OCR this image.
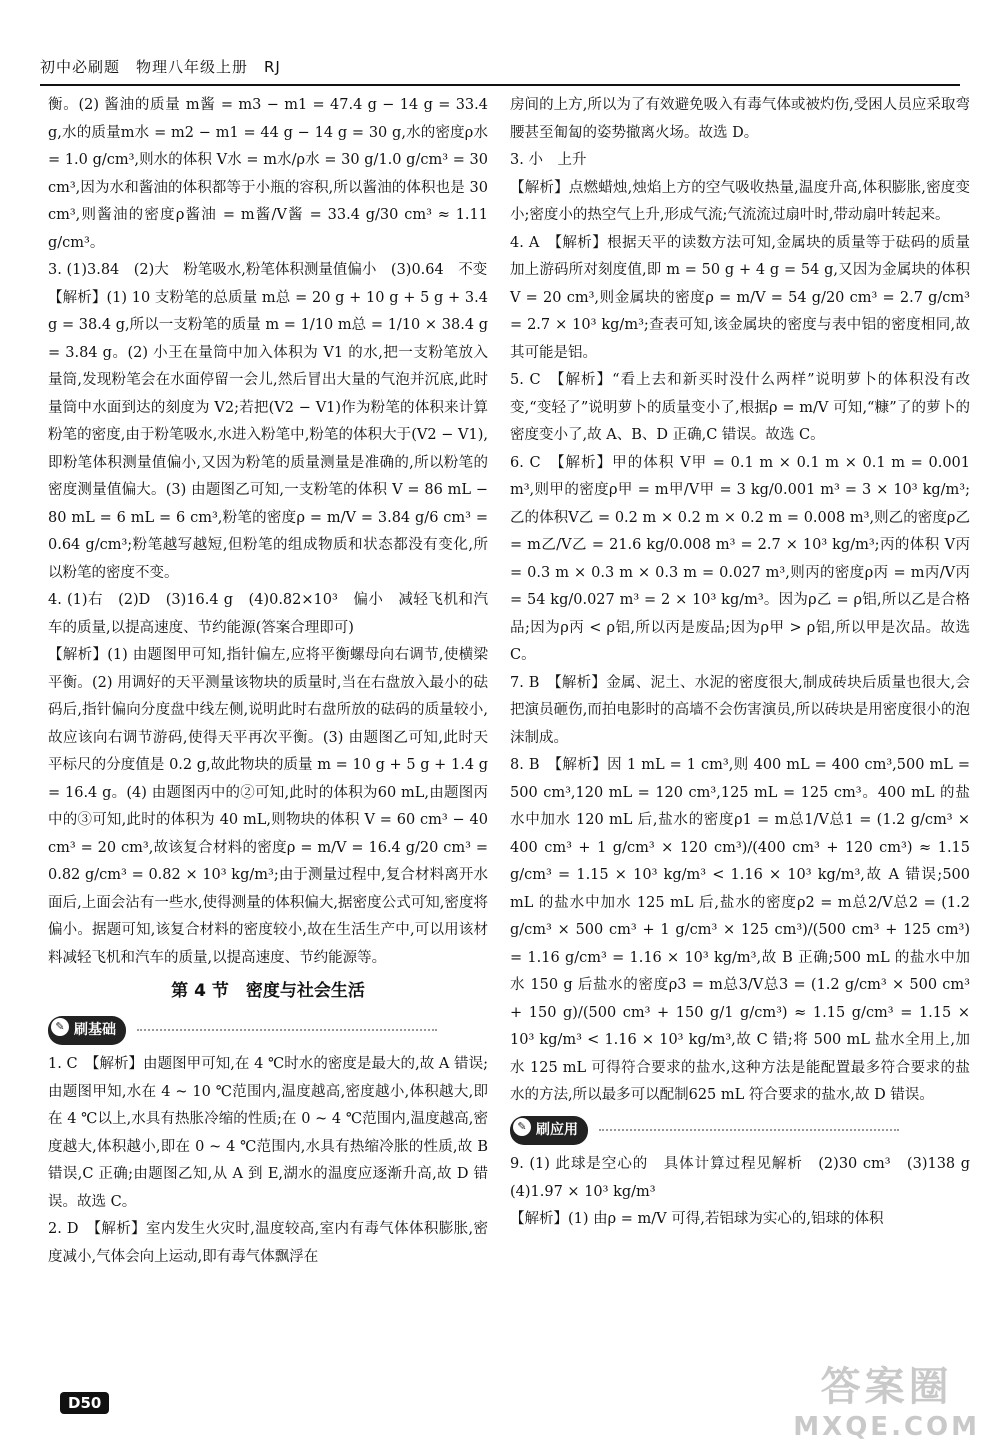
初中必刷题　物理八年级上册　RJ

衡。(2) 酱油的质量 m酱 = m3 − m1 = 47.4 g − 14 g = 33.4 g,水的质量m水 = m2 − m1 = 44 g − 14 g = 30 g,水的密度ρ水 = 1.0 g/cm³,则水的体积 V水 = m水/ρ水 = 30 g/1.0 g/cm³ = 30 cm³,因为水和酱油的体积都等于小瓶的容积,所以酱油的体积也是 30 cm³,则酱油的密度ρ酱油 = m酱/V酱 = 33.4 g/30 cm³ ≈ 1.11 g/cm³。

3. (1)3.84　(2)大　粉笔吸水,粉笔体积测量值偏小　(3)0.64　不变

【解析】(1) 10 支粉笔的总质量 m总 = 20 g + 10 g + 5 g + 3.4 g = 38.4 g,所以一支粉笔的质量 m = 1/10 m总 = 1/10 × 38.4 g = 3.84 g。(2) 小王在量筒中加入体积为 V1 的水,把一支粉笔放入量筒,发现粉笔会在水面停留一会儿,然后冒出大量的气泡并沉底,此时量筒中水面到达的刻度为 V2;若把(V2 − V1)作为粉笔的体积来计算粉笔的密度,由于粉笔吸水,水进入粉笔中,粉笔的体积大于(V2 − V1),即粉笔体积测量值偏小,又因为粉笔的质量测量是准确的,所以粉笔的密度测量值偏大。(3) 由题图乙可知,一支粉笔的体积 V = 86 mL − 80 mL = 6 mL = 6 cm³,粉笔的密度ρ = m/V = 3.84 g/6 cm³ = 0.64 g/cm³;粉笔越写越短,但粉笔的组成物质和状态都没有变化,所以粉笔的密度不变。

4. (1)右　(2)D　(3)16.4 g　(4)0.82×10³　偏小　减轻飞机和汽车的质量,以提高速度、节约能源(答案合理即可)

【解析】(1) 由题图甲可知,指针偏左,应将平衡螺母向右调节,使横梁平衡。(2) 用调好的天平测量该物块的质量时,当在右盘放入最小的砝码后,指针偏向分度盘中线左侧,说明此时右盘所放的砝码的质量较小,故应该向右调节游码,使得天平再次平衡。(3) 由题图乙可知,此时天平标尺的分度值是 0.2 g,故此物块的质量 m = 10 g + 5 g + 1.4 g = 16.4 g。(4) 由题图丙中的②可知,此时的体积为60 mL,由题图丙中的③可知,此时的体积为 40 mL,则物块的体积 V = 60 cm³ − 40 cm³ = 20 cm³,故该复合材料的密度ρ = m/V = 16.4 g/20 cm³ = 0.82 g/cm³ = 0.82 × 10³ kg/m³;由于测量过程中,复合材料离开水面后,上面会沾有一些水,使得测量的体积偏大,据密度公式可知,密度将偏小。据题可知,该复合材料的密度较小,故在生活生产中,可以用该材料减轻飞机和汽车的质量,以提高速度、节约能源等。

第 4 节　密度与社会生活
✎ 刷基础

1. C　【解析】由题图甲可知,在 4 ℃时水的密度是最大的,故 A 错误;由题图甲知,水在 4 ~ 10 ℃范围内,温度越高,密度越小,体积越大,即在 4 ℃以上,水具有热胀冷缩的性质;在 0 ~ 4 ℃范围内,温度越高,密度越大,体积越小,即在 0 ~ 4 ℃范围内,水具有热缩冷胀的性质,故 B 错误,C 正确;由题图乙知,从 A 到 E,湖水的温度应逐渐升高,故 D 错误。故选 C。

2. D　【解析】室内发生火灾时,温度较高,室内有毒气体体积膨胀,密度减小,气体会向上运动,即有毒气体飘浮在

房间的上方,所以为了有效避免吸入有毒气体或被灼伤,受困人员应采取弯腰甚至匍匐的姿势撤离火场。故选 D。

3. 小　上升

【解析】点燃蜡烛,烛焰上方的空气吸收热量,温度升高,体积膨胀,密度变小;密度小的热空气上升,形成气流;气流流过扇叶时,带动扇叶转起来。

4. A　【解析】根据天平的读数方法可知,金属块的质量等于砝码的质量加上游码所对刻度值,即 m = 50 g + 4 g = 54 g,又因为金属块的体积 V = 20 cm³,则金属块的密度ρ = m/V = 54 g/20 cm³ = 2.7 g/cm³ = 2.7 × 10³ kg/m³;查表可知,该金属块的密度与表中铝的密度相同,故其可能是铝。

5. C　【解析】“看上去和新买时没什么两样”说明萝卜的体积没有改变,“变轻了”说明萝卜的质量变小了,根据ρ = m/V 可知,“糠”了的萝卜的密度变小了,故 A、B、D 正确,C 错误。故选 C。

6. C　【解析】甲的体积 V甲 = 0.1 m × 0.1 m × 0.1 m = 0.001 m³,则甲的密度ρ甲 = m甲/V甲 = 3 kg/0.001 m³ = 3 × 10³ kg/m³;乙的体积V乙 = 0.2 m × 0.2 m × 0.2 m = 0.008 m³,则乙的密度ρ乙 = m乙/V乙 = 21.6 kg/0.008 m³ = 2.7 × 10³ kg/m³;丙的体积 V丙 = 0.3 m × 0.3 m × 0.3 m = 0.027 m³,则丙的密度ρ丙 = m丙/V丙 = 54 kg/0.027 m³ = 2 × 10³ kg/m³。因为ρ乙 = ρ铝,所以乙是合格品;因为ρ丙 < ρ铝,所以丙是废品;因为ρ甲 > ρ铝,所以甲是次品。故选 C。

7. B　【解析】金属、泥土、水泥的密度很大,制成砖块后质量也很大,会把演员砸伤,而拍电影时的高墙不会伤害演员,所以砖块是用密度很小的泡沫制成。

8. B　【解析】因 1 mL = 1 cm³,则 400 mL = 400 cm³,500 mL = 500 cm³,120 mL = 120 cm³,125 mL = 125 cm³。400 mL 的盐水中加水 120 mL 后,盐水的密度ρ1 = m总1/V总1 = (1.2 g/cm³ × 400 cm³ + 1 g/cm³ × 120 cm³)/(400 cm³ + 120 cm³) ≈ 1.15 g/cm³ = 1.15 × 10³ kg/m³ < 1.16 × 10³ kg/m³,故 A 错误;500 mL 的盐水中加水 125 mL 后,盐水的密度ρ2 = m总2/V总2 = (1.2 g/cm³ × 500 cm³ + 1 g/cm³ × 125 cm³)/(500 cm³ + 125 cm³) = 1.16 g/cm³ = 1.16 × 10³ kg/m³,故 B 正确;500 mL 的盐水中加水 150 g 后盐水的密度ρ3 = m总3/V总3 = (1.2 g/cm³ × 500 cm³ + 150 g)/(500 cm³ + 150 g/1 g/cm³) ≈ 1.15 g/cm³ = 1.15 × 10³ kg/m³ < 1.16 × 10³ kg/m³,故 C 错;将 500 mL 盐水全用上,加水 125 mL 可得符合要求的盐水,这种方法是能配置最多符合要求的盐水的方法,所以最多可以配制625 mL 符合要求的盐水,故 D 错误。

✎ 刷应用

9. (1) 此球是空心的　具体计算过程见解析　(2)30 cm³　(3)138 g　(4)1.97 × 10³ kg/m³

【解析】(1) 由ρ = m/V 可得,若铝球为实心的,铝球的体积

D50	答案圈
MXQE.COM
